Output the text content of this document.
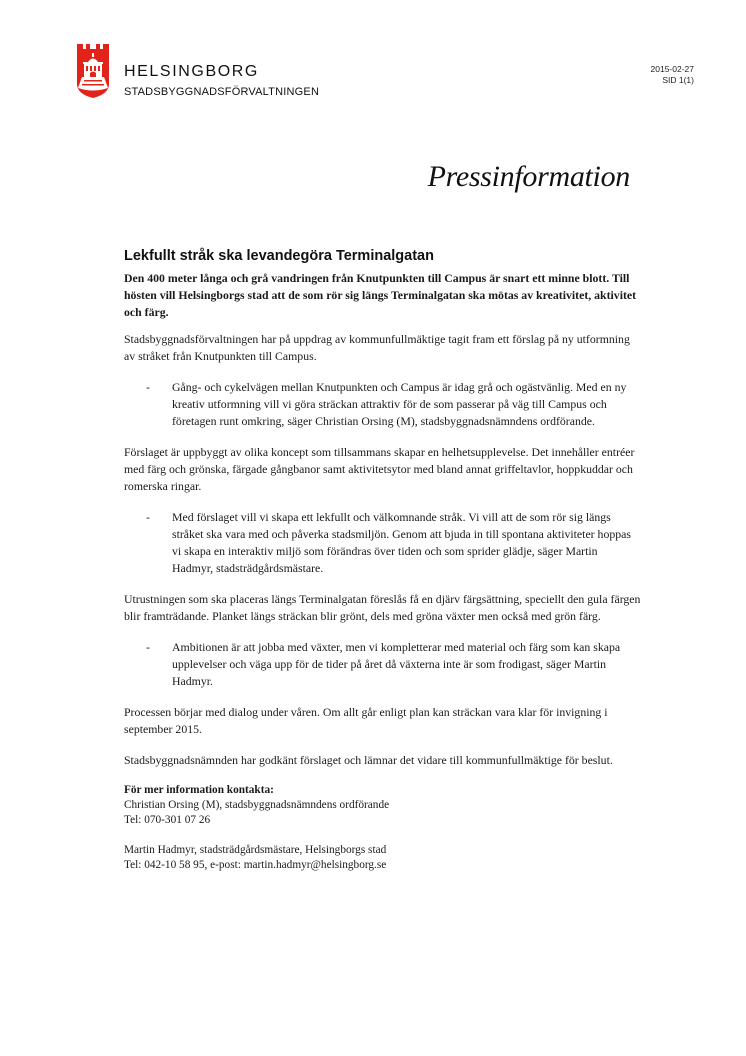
HELSINGBORG
STADSBYGGNADSFÖRVALTNINGEN
2015-02-27
SID 1(1)
Pressinformation
Lekfullt stråk ska levandegöra Terminalgatan

Den 400 meter långa och grå vandringen från Knutpunkten till Campus är snart ett minne blott. Till hösten vill Helsingborgs stad att de som rör sig längs Terminalgatan ska mötas av kreativitet, aktivitet och färg.

Stadsbyggnadsförvaltningen har på uppdrag av kommunfullmäktige tagit fram ett förslag på ny utformning av stråket från Knutpunkten till Campus.

-	Gång- och cykelvägen mellan Knutpunkten och Campus är idag grå och ogästvänlig. Med en ny kreativ utformning vill vi göra sträckan attraktiv för de som passerar på väg till Campus och företagen runt omkring, säger Christian Orsing (M), stadsbyggnadsnämndens ordförande.

Förslaget är uppbyggt av olika koncept som tillsammans skapar en helhetsupplevelse. Det innehåller entréer med färg och grönska, färgade gångbanor samt aktivitetsytor med bland annat griffeltavlor, hoppkuddar och romerska ringar.

-	Med förslaget vill vi skapa ett lekfullt och välkomnande stråk. Vi vill att de som rör sig längs stråket ska vara med och påverka stadsmiljön. Genom att bjuda in till spontana aktiviteter hoppas vi skapa en interaktiv miljö som förändras över tiden och som sprider glädje, säger Martin Hadmyr, stadsträdgårdsmästare.

Utrustningen som ska placeras längs Terminalgatan föreslås få en djärv färgsättning, speciellt den gula färgen blir framträdande. Planket längs sträckan blir grönt, dels med gröna växter men också med grön färg.

-	Ambitionen är att jobba med växter, men vi kompletterar med material och färg som kan skapa upplevelser och väga upp för de tider på året då växterna inte är som frodigast, säger Martin Hadmyr.

Processen börjar med dialog under våren. Om allt går enligt plan kan sträckan vara klar för invigning i september 2015.

Stadsbyggnadsnämnden har godkänt förslaget och lämnar det vidare till kommunfullmäktige för beslut.

För mer information kontakta:
Christian Orsing (M), stadsbyggnadsnämndens ordförande
Tel: 070-301 07 26
Martin Hadmyr, stadsträdgårdsmästare, Helsingborgs stad
Tel: 042-10 58 95, e-post: martin.hadmyr@helsingborg.se
